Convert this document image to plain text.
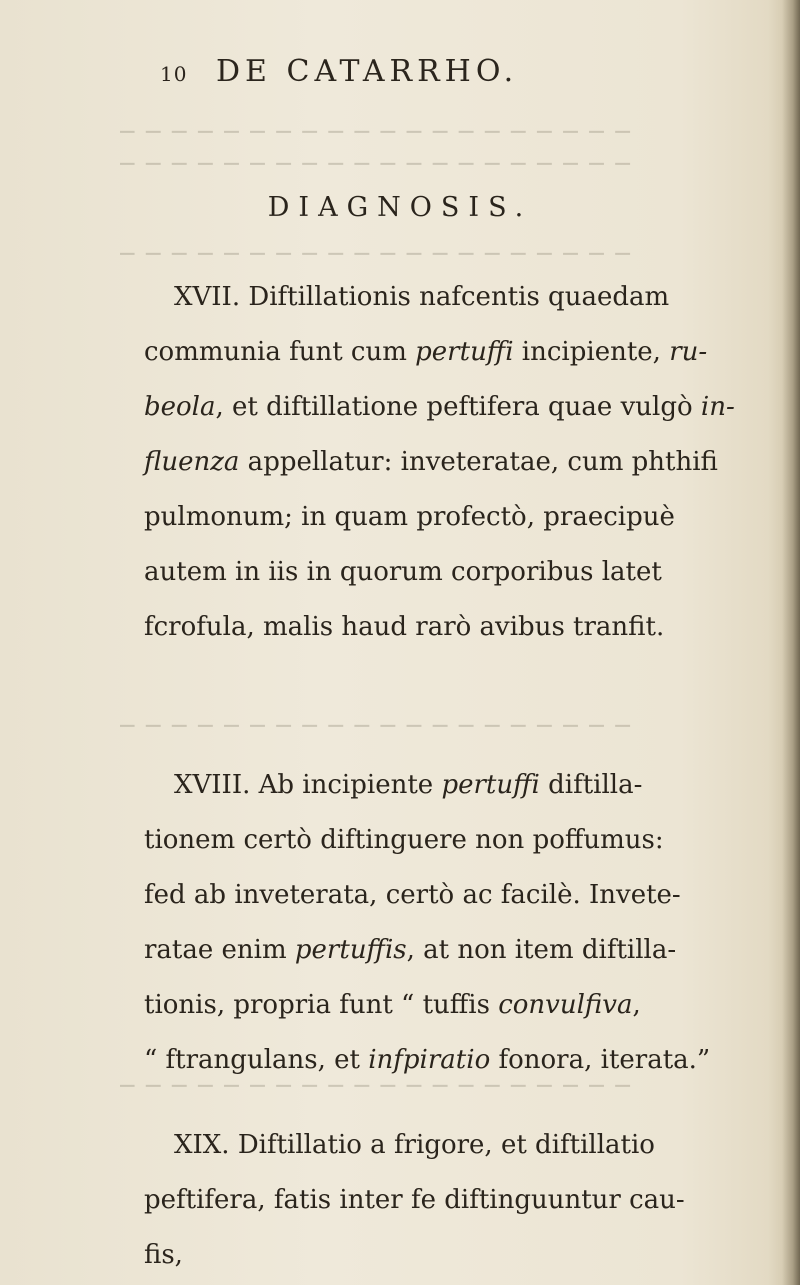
─ ─ ─ ─ ─ ─ ─ ─ ─ ─ ─ ─ ─ ─ ─ ─ ─ ─ ─ ─
─ ─ ─ ─ ─ ─ ─ ─ ─ ─ ─ ─ ─ ─ ─ ─ ─ ─ ─ ─
─ ─ ─ ─ ─ ─ ─ ─ ─ ─ ─ ─ ─ ─ ─ ─ ─ ─ ─ ─
─ ─ ─ ─ ─ ─ ─ ─ ─ ─ ─ ─ ─ ─ ─ ─ ─ ─ ─ ─
─ ─ ─ ─ ─ ─ ─ ─ ─ ─ ─ ─ ─ ─ ─ ─ ─ ─ ─ ─
10 DE CATARRHO.
DIAGNOSIS.

XVII. Diftillationis nafcentis quaedam
communia funt cum pertuffi incipiente, ru-
beola, et diftillatione peftifera quae vulgò in-
fluenza appellatur: inveteratae, cum phthifi
pulmonum; in quam profectò, praecipuè
autem in iis in quorum corporibus latet
fcrofula, malis haud rarò avibus tranfit.

XVIII. Ab incipiente pertuffi diftilla-
tionem certò diftinguere non poffumus:
fed ab inveterata, certò ac facilè. Invete-
ratae enim pertuffis, at non item diftilla-
tionis, propria funt “ tuffis convulfiva,
“ ftrangulans, et infpiratio fonora, iterata.”

XIX. Diftillatio a frigore, et diftillatio
peftifera, fatis inter fe diftinguuntur cau-
fis,
